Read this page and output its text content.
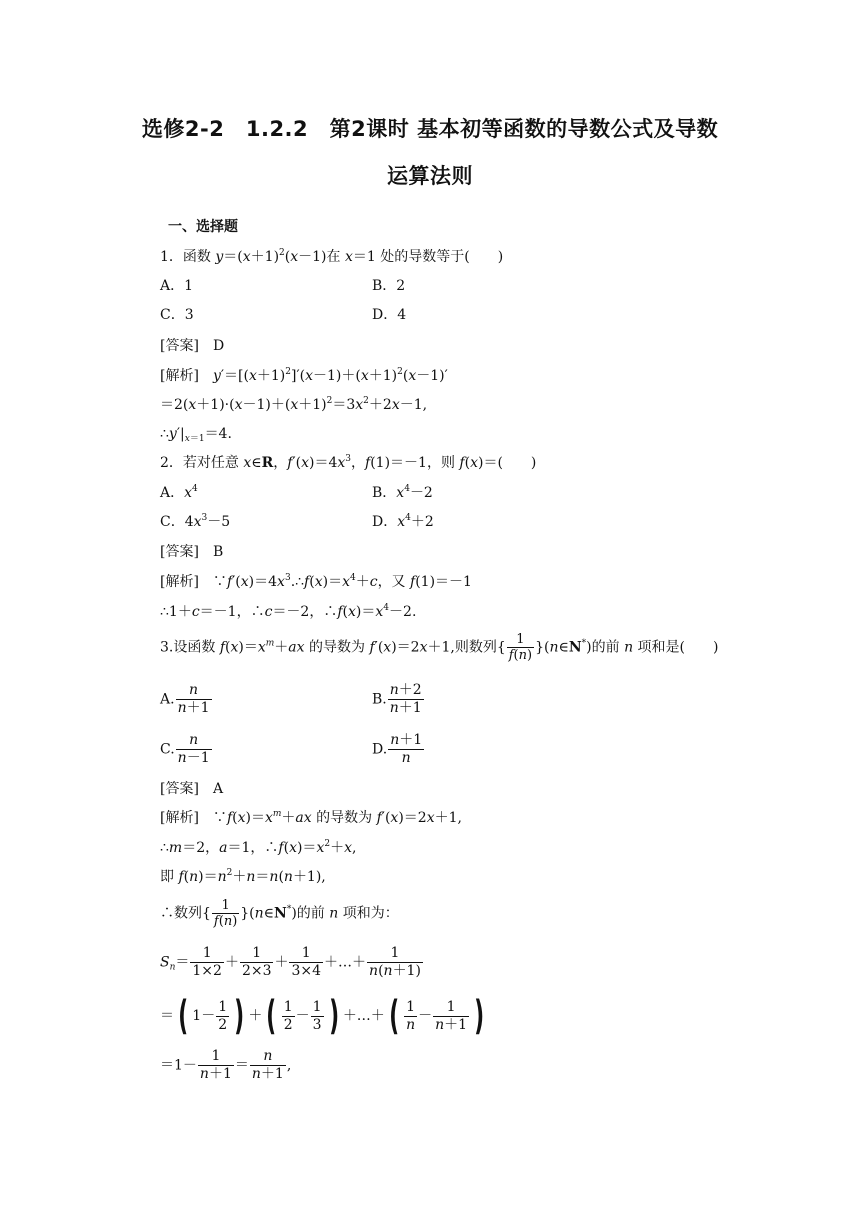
选修2-2　1.2.2　第2课时 基本初等函数的导数公式及导数
运算法则
一、选择题
1．函数 $y=(x+1)^2(x-1)$在 x＝1 处的导数等于(　　)
A．1	B．2
C．3	D．4
[答案]　 D
[解析]　 $y'=[(x+1)^2]'(x-1)+(x+1)^2(x-1)'$
$=2(x+1)\cdot(x-1)+(x+1)^2=3x^2+2x-1$,
$\therefore y'|_{x=1}=4$.
2．若对任意 x∈R，$f'(x)=4x^3$，f(1)＝－1，则 f(x)＝(　　)
A．$x^4$	B．$x^4-2$
C．$4x^3-5$	D．$x^4+2$
[答案]　 B
[解析]　$\because f'(x)=4x^3.\therefore f(x)=x^4+c$，又 f(1)＝－1
∴1＋c＝－1，∴c＝－2，$\therefore f(x)=x^4-2$.
3.设函数 $f(x)=x^m+ax$ 的导数为 f′(x)＝2x＋1,则数列{ $\frac{1}{f(n)}$ }(n∈N*)的前 n 项和是(　　)
A. $\frac{n}{n+1}$	B. $\frac{n+2}{n+1}$
C. $\frac{n}{n-1}$	D. $\frac{n+1}{n}$
[答案]　 A
[解析]　$\because f(x)=x^m+ax$ 的导数为 f′(x)＝2x＋1,
∴m＝2，a＝1，$\therefore f(x)=x^2+x$,
即 $f(n)=n^2+n=n(n+1)$,
∴数列{ $\frac{1}{f(n)}$ }(n∈N*)的前 n 项和为：
$S_n= \frac{1}{1\times 2} + \frac{1}{2\times 3} + \frac{1}{3\times 4}$ ＋…＋ $\frac{1}{n(n+1)}$
＝ ( $1- \frac{1}{2}$ ) ＋ ( $\frac{1}{2} - \frac{1}{3}$ ) ＋…＋ ( $\frac{1}{n} - \frac{1}{n+1}$ )
$=1- \frac{1}{n+1} = \frac{n}{n+1}$ ,
